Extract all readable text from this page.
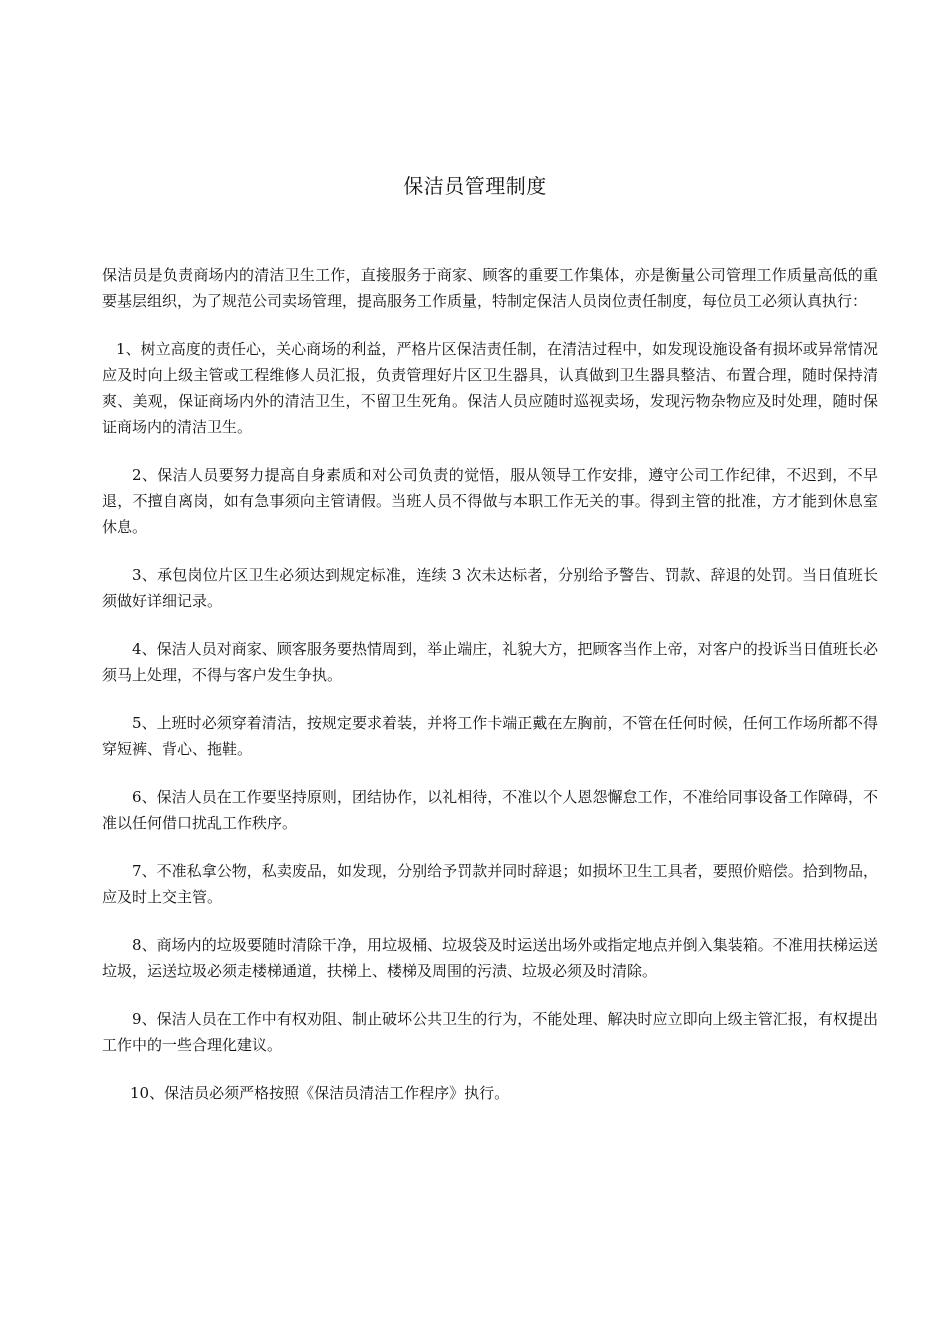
保洁员管理制度

保洁员是负责商场内的清洁卫生工作，直接服务于商家、顾客的重要工作集体，亦是衡量公司管理工作质量高低的重要基层组织，为了规范公司卖场管理，提高服务工作质量，特制定保洁人员岗位责任制度，每位员工必须认真执行：

1、树立高度的责任心，关心商场的利益，严格片区保洁责任制，在清洁过程中，如发现设施设备有损坏或异常情况应及时向上级主管或工程维修人员汇报，负责管理好片区卫生器具，认真做到卫生器具整洁、布置合理，随时保持清爽、美观，保证商场内外的清洁卫生，不留卫生死角。保洁人员应随时巡视卖场，发现污物杂物应及时处理，随时保证商场内的清洁卫生。

2、保洁人员要努力提高自身素质和对公司负责的觉悟，服从领导工作安排，遵守公司工作纪律，不迟到，不早退，不擅自离岗，如有急事须向主管请假。当班人员不得做与本职工作无关的事。得到主管的批准，方才能到休息室休息。

3、承包岗位片区卫生必须达到规定标准，连续 3 次未达标者，分别给予警告、罚款、辞退的处罚。当日值班长须做好详细记录。

4、保洁人员对商家、顾客服务要热情周到，举止端庄，礼貌大方，把顾客当作上帝，对客户的投诉当日值班长必须马上处理，不得与客户发生争执。

5、上班时必须穿着清洁，按规定要求着装，并将工作卡端正戴在左胸前，不管在任何时候，任何工作场所都不得穿短裤、背心、拖鞋。

6、保洁人员在工作要坚持原则，团结协作，以礼相待，不准以个人恩怨懈怠工作，不准给同事设备工作障碍，不准以任何借口扰乱工作秩序。

7、不准私拿公物，私卖废品，如发现，分别给予罚款并同时辞退；如损坏卫生工具者，要照价赔偿。拾到物品，应及时上交主管。

8、商场内的垃圾要随时清除干净，用垃圾桶、垃圾袋及时运送出场外或指定地点并倒入集装箱。不准用扶梯运送垃圾，运送垃圾必须走楼梯通道，扶梯上、楼梯及周围的污渍、垃圾必须及时清除。

9、保洁人员在工作中有权劝阻、制止破坏公共卫生的行为，不能处理、解决时应立即向上级主管汇报，有权提出工作中的一些合理化建议。

10、保洁员必须严格按照《保洁员清洁工作程序》执行。
